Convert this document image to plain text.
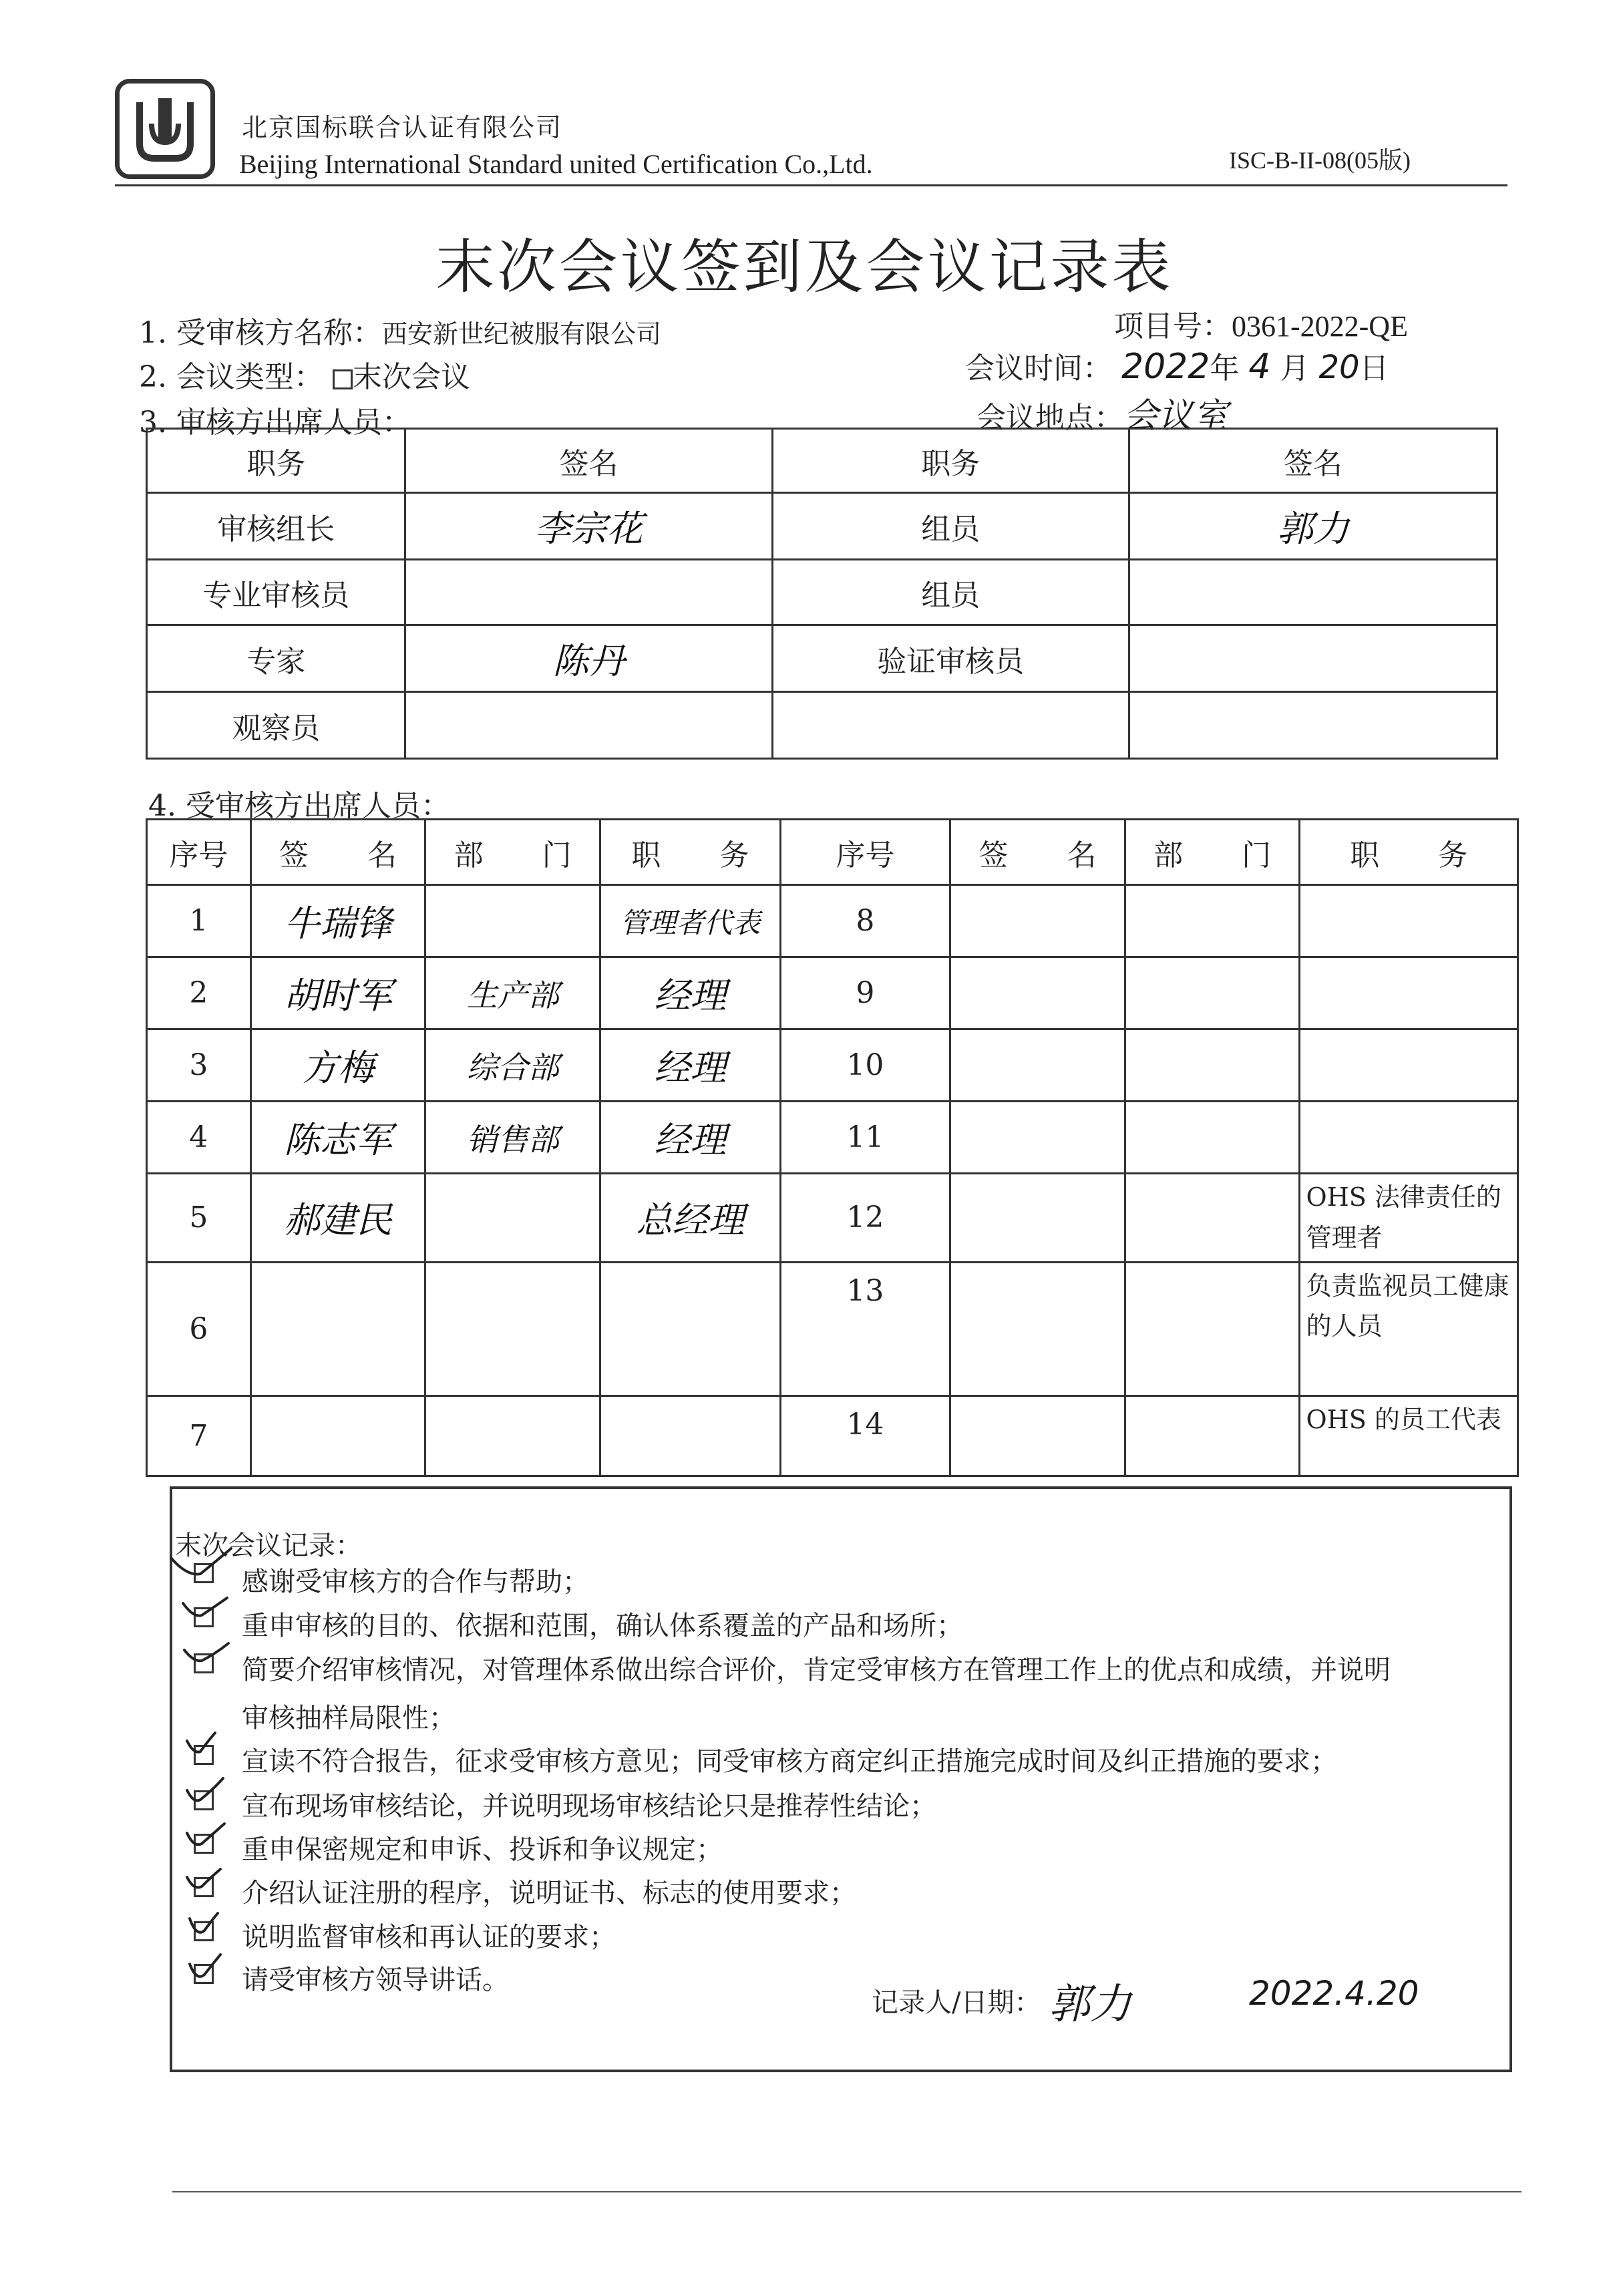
北京国标联合认证有限公司
Beijing International Standard united Certification Co.,Ltd.	ISC-B-II-08(05版)
末次会议签到及会议记录表
1. 受审核方名称：西安新世纪被服有限公司	项目号：0361-2022-QE
2. 会议类型： 末次会议	会议时间： 2022年 4 月 20日
3. 审核方出席人员：	会议地点：会议室
职务	签名	职务	签名
审核组长	李宗花	组员	郭力
专业审核员		组员	
专家	陈丹	验证审核员	
观察员			
4. 受审核方出席人员：
序号	签　　名	部　　门	职　　务	序号	签　　名	部　　门	职　　务
1	牛瑞锋		管理者代表	8			
2	胡时军	生产部	经理	9			
3	方梅	综合部	经理	10			
4	陈志军	销售部	经理	11			
5	郝建民		总经理	12			OHS 法律责任的管理者
6				13			负责监视员工健康的人员
7				14			OHS 的员工代表
末次会议记录：
感谢受审核方的合作与帮助；
重申审核的目的、依据和范围，确认体系覆盖的产品和场所；
简要介绍审核情况，对管理体系做出综合评价，肯定受审核方在管理工作上的优点和成绩，并说明
审核抽样局限性；
宣读不符合报告，征求受审核方意见；同受审核方商定纠正措施完成时间及纠正措施的要求；
宣布现场审核结论，并说明现场审核结论只是推荐性结论；
重申保密规定和申诉、投诉和争议规定；
介绍认证注册的程序，说明证书、标志的使用要求；
说明监督审核和再认证的要求；
请受审核方领导讲话。
记录人/日期： 郭力	2022.4.20
